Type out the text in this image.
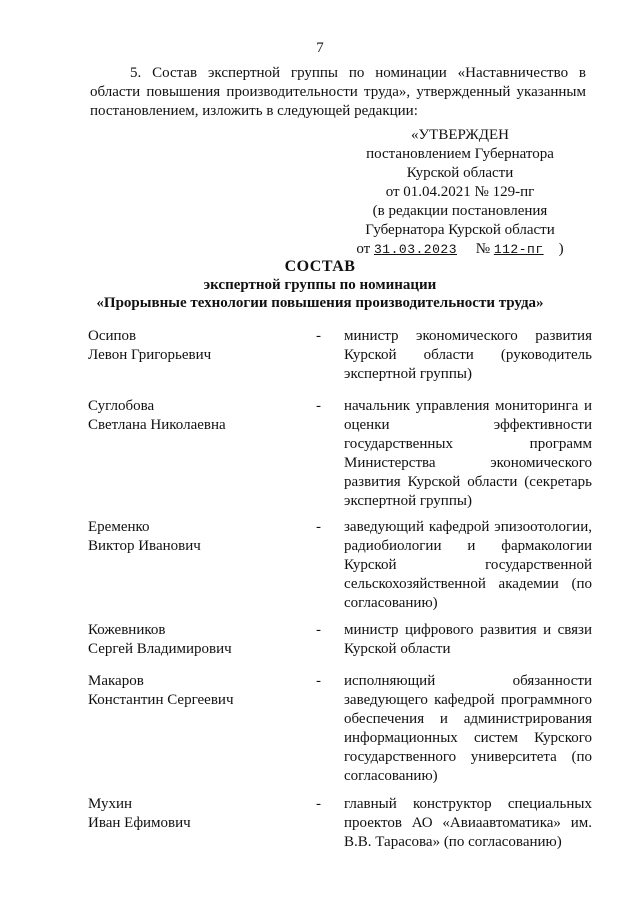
7
5. Состав экспертной группы по номинации «Наставничество в области повышения производительности труда», утвержденный указанным постановлением, изложить в следующей редакции:
«УТВЕРЖДЕН
постановлением Губернатора
Курской области
от 01.04.2021 № 129-пг
(в редакции постановления
Губернатора Курской области
от 31.03.2023 № 112-пг )
СОСТАВ
экспертной группы по номинации
«Прорывные технологии повышения производительности труда»
Осипов
Левон Григорьевич
-	министр экономического развития Курской области (руководитель экспертной группы)
Суглобова
Светлана Николаевна
-	начальник управления мониторинга и оценки эффективности государственных программ Министерства экономического развития Курской области (секретарь экспертной группы)
Еременко
Виктор Иванович
-	заведующий кафедрой эпизоотологии, радиобиологии и фармакологии Курской государственной сельскохозяйственной академии (по согласованию)
Кожевников
Сергей Владимирович
-	министр цифрового развития и связи Курской области
Макаров
Константин Сергеевич
-	исполняющий обязанности заведующего кафедрой программного обеспечения и администрирования информационных систем Курского государственного университета (по согласованию)
Мухин
Иван Ефимович
-	главный конструктор специальных проектов АО «Авиаавтоматика» им. В.В. Тарасова» (по согласованию)
